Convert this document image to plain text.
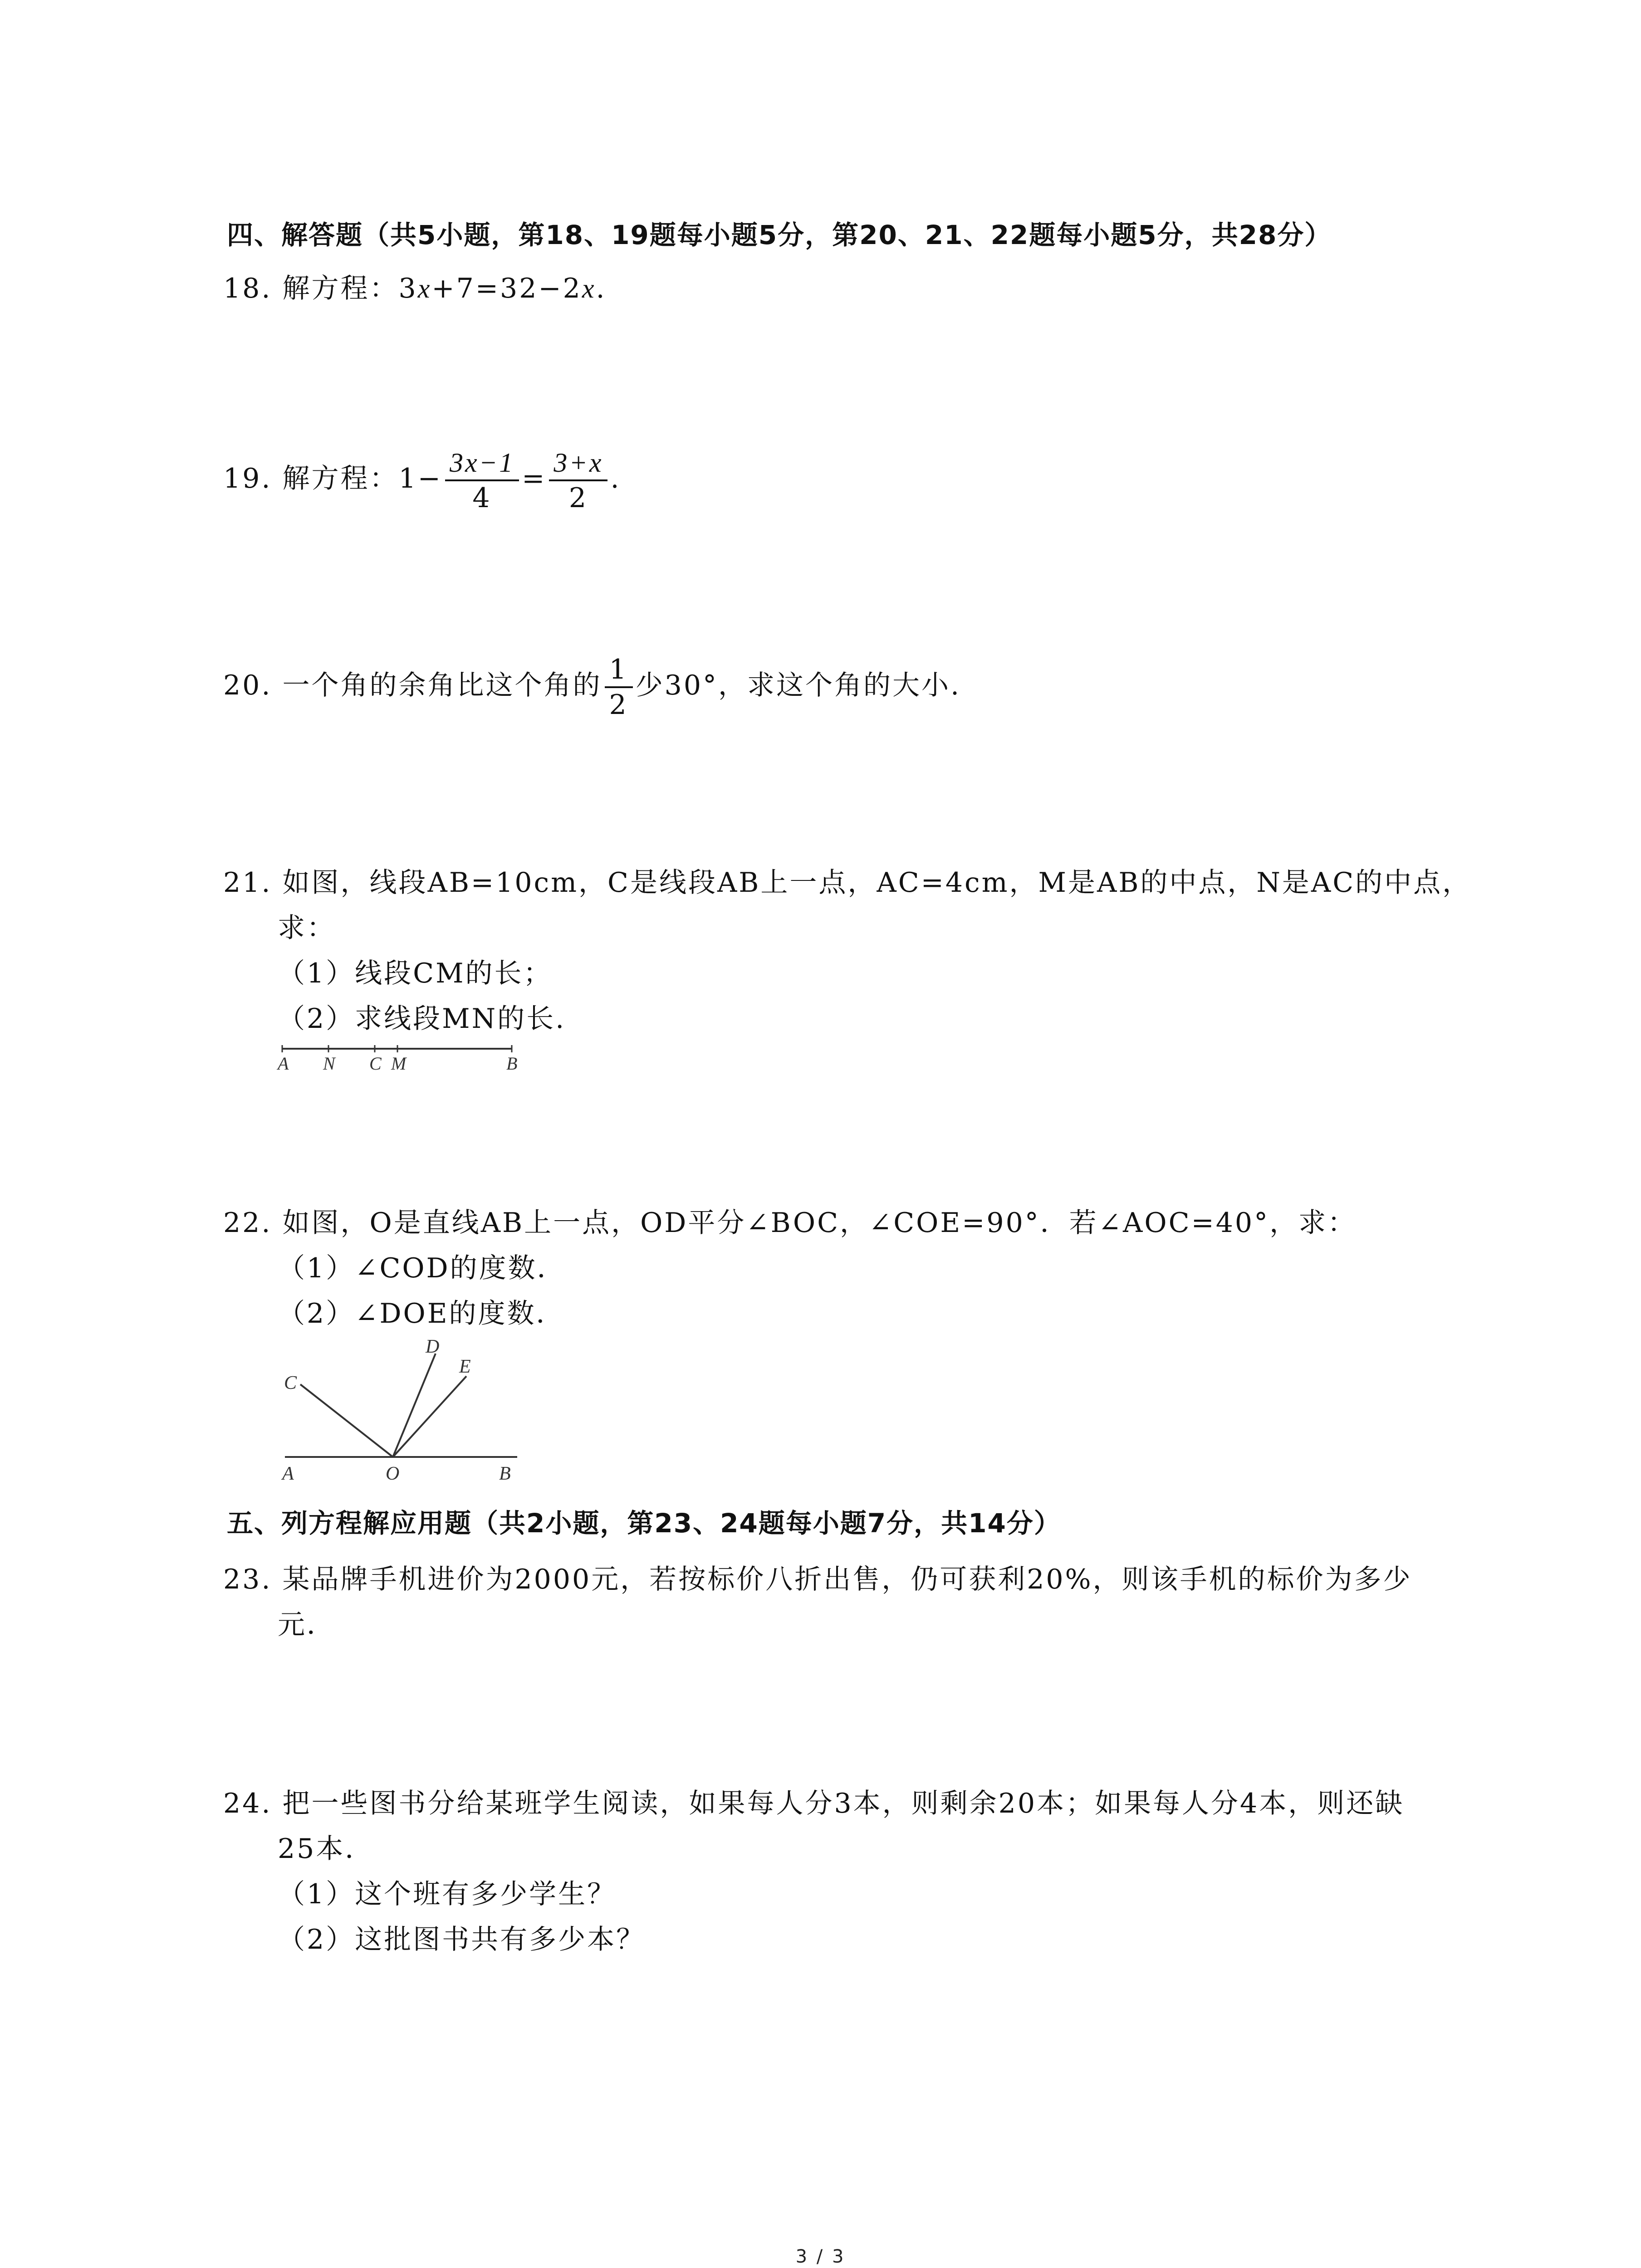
四、解答题（共5小题，第18、19题每小题5分，第20、21、22题每小题5分，共28分）
18. 解方程：3x+7=32−2x.
19. 解方程：$1- \frac{3x-1}{4} = \frac{3+x}{2}$ .
20. 一个角的余角比这个角的 $\frac{1}{2}$ 少30°，求这个角的大小.
21. 如图，线段AB=10cm，C是线段AB上一点，AC=4cm，M是AB的中点，N是AC的中点，
求：
（1）线段CM的长；
（2）求线段MN的长.
A N C M	B
22. 如图，O是直线AB上一点，OD平分∠BOC，∠COE=90°．若∠AOC=40°，求：
（1）∠COD的度数．
（2）∠DOE的度数．
C
D
E
A	O	B
五、列方程解应用题（共2小题，第23、24题每小题7分，共14分）
23. 某品牌手机进价为2000元，若按标价八折出售，仍可获利20%，则该手机的标价为多少
元．
24. 把一些图书分给某班学生阅读，如果每人分3本，则剩余20本；如果每人分4本，则还缺
25本．
（1）这个班有多少学生？
（2）这批图书共有多少本？
3 / 3
